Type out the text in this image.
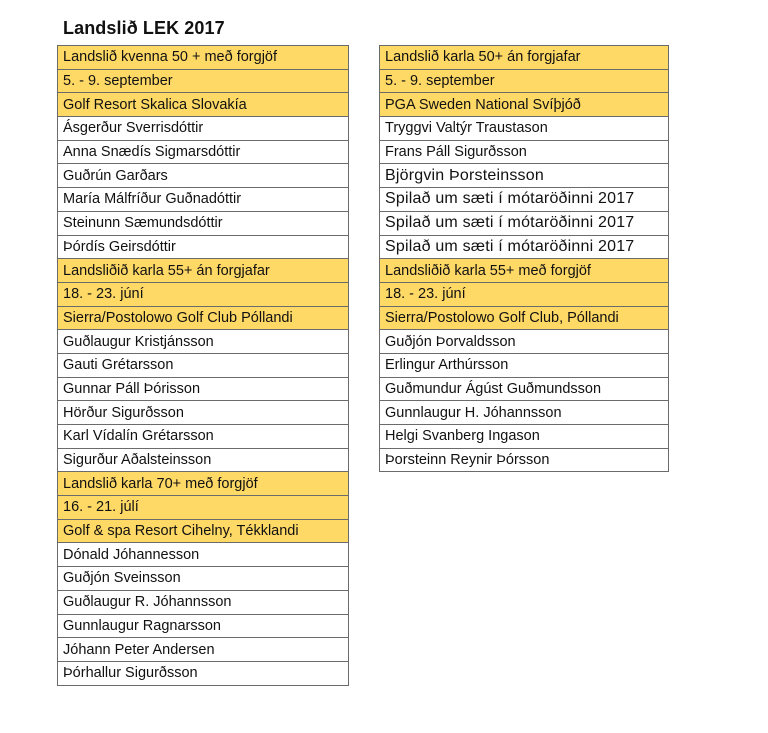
Landslið LEK 2017
Landslið kvenna 50 + með forgjöf
5. - 9. september
Golf Resort Skalica Slovakía
Ásgerður Sverrisdóttir
Anna Snædís Sigmarsdóttir
Guðrún Garðars
María Málfríður Guðnadóttir
Steinunn Sæmundsdóttir
Þórdís Geirsdóttir
Landsliðið karla 55+ án forgjafar
18. - 23. júní
Sierra/Postolowo Golf Club Póllandi
Guðlaugur Kristjánsson
Gauti Grétarsson
Gunnar Páll Þórisson
Hörður Sigurðsson
Karl Vídalín Grétarsson
Sigurður Aðalsteinsson
Landslið karla 70+ með forgjöf
16. - 21. júlí
Golf & spa Resort Cihelny, Tékklandi
Dónald Jóhannesson
Guðjón Sveinsson
Guðlaugur R. Jóhannsson
Gunnlaugur Ragnarsson
Jóhann Peter Andersen
Þórhallur Sigurðsson
Landslið karla 50+ án forgjafar
5. - 9. september
PGA Sweden National Svíþjóð
Tryggvi Valtýr Traustason
Frans Páll Sigurðsson
Björgvin Þorsteinsson
Spilað um sæti í mótaröðinni 2017
Spilað um sæti í mótaröðinni 2017
Spilað um sæti í mótaröðinni 2017
Landsliðið karla 55+ með forgjöf
18. - 23. júní
Sierra/Postolowo Golf Club, Póllandi
Guðjón Þorvaldsson
Erlingur Arthúrsson
Guðmundur Ágúst Guðmundsson
Gunnlaugur H. Jóhannsson
Helgi Svanberg Ingason
Þorsteinn Reynir Þórsson
